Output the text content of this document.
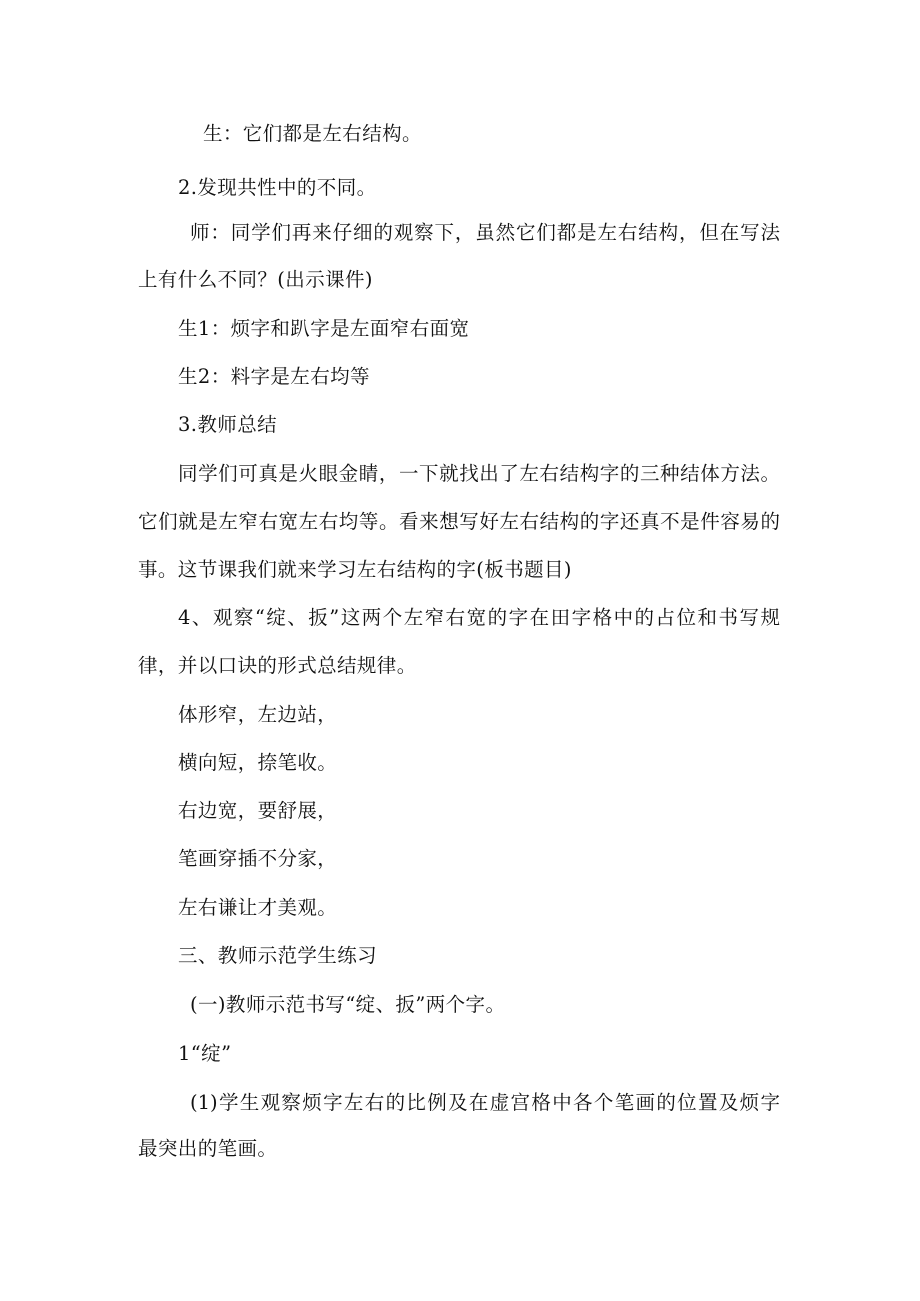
生：它们都是左右结构。

2.发现共性中的不同。

师：同学们再来仔细的观察下，虽然它们都是左右结构，但在写法

上有什么不同？(出示课件)

生1：烦字和趴字是左面窄右面宽

生2：料字是左右均等

3.教师总结

同学们可真是火眼金睛，一下就找出了左右结构字的三种结体方法。

它们就是左窄右宽左右均等。看来想写好左右结构的字还真不是件容易的

事。这节课我们就来学习左右结构的字(板书题目)

4、观察“绽、扳”这两个左窄右宽的字在田字格中的占位和书写规

律，并以口诀的形式总结规律。

体形窄，左边站，

横向短，捺笔收。

右边宽，要舒展，

笔画穿插不分家，

左右谦让才美观。

三、教师示范学生练习

(一)教师示范书写“绽、扳”两个字。

1“绽”

(1)学生观察烦字左右的比例及在虚宫格中各个笔画的位置及烦字

最突出的笔画。
